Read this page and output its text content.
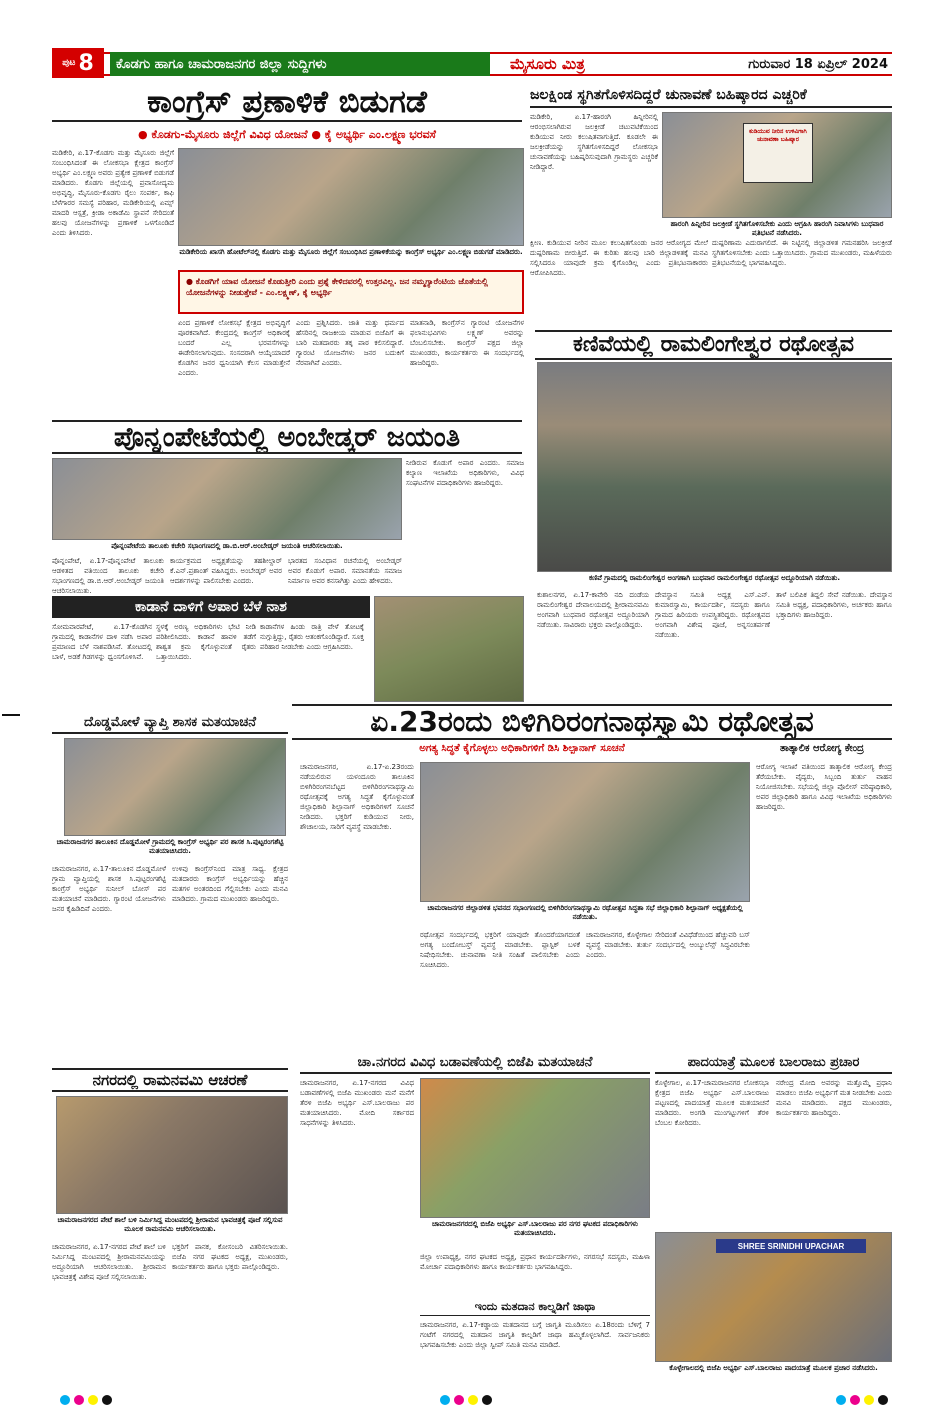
ಪುಟ 8	ಕೊಡಗು ಹಾಗೂ ಚಾಮರಾಜನಗರ ಜಿಲ್ಲಾ ಸುದ್ದಿಗಳು	ಮೈಸೂರು ಮಿತ್ರ	ಗುರುವಾರ 18 ಏಪ್ರಿಲ್ 2024
ಕಾಂಗ್ರೆಸ್ ಪ್ರಣಾಳಿಕೆ ಬಿಡುಗಡೆ
● ಕೊಡಗು-ಮೈಸೂರು ಜಿಲ್ಲೆಗೆ ವಿವಿಧ ಯೋಜನೆ ● ಕೈ ಅಭ್ಯರ್ಥಿ ಎಂ.ಲಕ್ಷ್ಮಣ ಭರವಸೆ
ಮಡಿಕೇರಿ, ಏ.17-ಕೊಡಗು ಮತ್ತು ಮೈಸೂರು ಜಿಲ್ಲೆಗೆ ಸಂಬಂಧಿಸಿದಂತೆ ಈ ಲೋಕಸಭಾ ಕ್ಷೇತ್ರದ ಕಾಂಗ್ರೆಸ್ ಅಭ್ಯರ್ಥಿ ಎಂ.ಲಕ್ಷ್ಮಣ ಅವರು ಪ್ರತ್ಯೇಕ ಪ್ರಣಾಳಿಕೆ ಬಿಡುಗಡೆ ಮಾಡಿದರು. ಕೊಡಗು ಜಿಲ್ಲೆಯಲ್ಲಿ ಪ್ರವಾಸೋದ್ಯಮ ಅಭಿವೃದ್ಧಿ, ಮೈಸೂರು-ಕೊಡಗು ರೈಲು ಸಂಪರ್ಕ, ಕಾಫಿ ಬೆಳೆಗಾರರ ಸಮಸ್ಯೆ ಪರಿಹಾರ, ಮಡಿಕೇರಿಯಲ್ಲಿ ಏಮ್ಸ್ ಮಾದರಿ ಆಸ್ಪತ್ರೆ, ಕ್ರೀಡಾ ಅಕಾಡೆಮಿ ಸ್ಥಾಪನೆ ಸೇರಿದಂತೆ ಹಲವು ಯೋಜನೆಗಳನ್ನು ಪ್ರಣಾಳಿಕೆ ಒಳಗೊಂಡಿದೆ ಎಂದು ತಿಳಿಸಿದರು.
ಮಡಿಕೇರಿಯ ಖಾಸಗಿ ಹೋಟೆಲ್‌ನಲ್ಲಿ ಕೊಡಗು ಮತ್ತು ಮೈಸೂರು ಜಿಲ್ಲೆಗೆ ಸಂಬಂಧಿಸಿದ ಪ್ರಣಾಳಿಕೆಯನ್ನು ಕಾಂಗ್ರೆಸ್ ಅಭ್ಯರ್ಥಿ ಎಂ.ಲಕ್ಷ್ಮಣ ಬಿಡುಗಡೆ ಮಾಡಿದರು.
● ಕೊಡಗಿಗೆ ಯಾವ ಯೋಜನೆ ಕೊಡುತ್ತೀರಿ ಎಂದು ಪ್ರಶ್ನೆ ಕೇಳಿದವರಲ್ಲಿ ಉತ್ತರವಿಲ್ಲ. ಜನ ನಮ್ಮಗ್ಯಾರೆಂಟಿಯ ಜೊತೆಯಲ್ಲಿ ಯೋಜನೆಗಳನ್ನು ನೀಡುತ್ತೇವೆ - ಎಂ.ಲಕ್ಷ್ಮಣ್, ಕೈ ಅಭ್ಯರ್ಥಿ
ಏಂದ ಪ್ರಣಾಳಿಕೆ ಲೋಕಸಭೆ ಕ್ಷೇತ್ರದ ಅಭಿವೃದ್ಧಿಗೆ ಪೂರಕವಾಗಿದೆ. ಕೇಂದ್ರದಲ್ಲಿ ಕಾಂಗ್ರೆಸ್ ಅಧಿಕಾರಕ್ಕೆ ಬಂದರೆ ಎಲ್ಲ ಭರವಸೆಗಳನ್ನು ಈಡೇರಿಸಲಾಗುವುದು. ಸಂಸದರಾಗಿ ಆಯ್ಕೆಯಾದರೆ ಕೊಡಗಿನ ಜನರ ಧ್ವನಿಯಾಗಿ ಕೆಲಸ ಮಾಡುತ್ತೇನೆ ಎಂದರು.
ಎಂದು ಪ್ರಶ್ನಿಸಿದರು. ಜಾತಿ ಮತ್ತು ಧರ್ಮದ ಹೆಸರಿನಲ್ಲಿ ರಾಜಕೀಯ ಮಾಡುವ ಬಿಜೆಪಿಗೆ ಈ ಬಾರಿ ಮತದಾರರು ತಕ್ಕ ಪಾಠ ಕಲಿಸಲಿದ್ದಾರೆ. ಗ್ಯಾರಂಟಿ ಯೋಜನೆಗಳು ಜನರ ಬದುಕಿಗೆ ನೆರವಾಗಿವೆ ಎಂದರು.
ಮಾತನಾಡಿ, ಕಾಂಗ್ರೆಸ್‌ನ ಗ್ಯಾರಂಟಿ ಯೋಜನೆಗಳ ಫಲಾನುಭವಿಗಳು ಲಕ್ಷ್ಮಣ್ ಅವರನ್ನು ಬೆಂಬಲಿಸಬೇಕು. ಕಾಂಗ್ರೆಸ್ ಪಕ್ಷದ ಜಿಲ್ಲಾ ಮುಖಂಡರು, ಕಾರ್ಯಕರ್ತರು ಈ ಸಂದರ್ಭದಲ್ಲಿ ಹಾಜರಿದ್ದರು.
ಜಲಕ್ಷಿಂಡ ಸ್ಥಗಿತಗೊಳಿಸದಿದ್ದರೆ ಚುನಾವಣೆ ಬಹಿಷ್ಕಾರದ ಎಚ್ಚರಿಕೆ
ಮಡಿಕೇರಿ, ಏ.17-ಹಾರಂಗಿ ಹಿನ್ನೀರಿನಲ್ಲಿ ಆರಂಭಿಸಲಾಗಿರುವ ಜಲಕ್ರೀಡೆ ಚಟುವಟಿಕೆಯಿಂದ ಕುಡಿಯುವ ನೀರು ಕಲುಷಿತವಾಗುತ್ತಿದೆ. ಕೂಡಲೇ ಈ ಜಲಕ್ರೀಡೆಯನ್ನು ಸ್ಥಗಿತಗೊಳಿಸದಿದ್ದರೆ ಲೋಕಸಭಾ ಚುನಾವಣೆಯನ್ನು ಬಹಿಷ್ಕರಿಸುವುದಾಗಿ ಗ್ರಾಮಸ್ಥರು ಎಚ್ಚರಿಕೆ ನೀಡಿದ್ದಾರೆ.
ಕುಡಿಯುವ ನೀರಿನ ಉಳಿವಿಗಾಗಿ ಚುನಾವಣಾ ಬಹಿಷ್ಕಾರ
ಹಾರಂಗಿ ಹಿನ್ನೀರಿನ ಜಲಕ್ರೀಡೆ ಸ್ಥಗಿತಗೊಳಿಸಬೇಕು ಎಂದು ಆಗ್ರಹಿಸಿ ಹಾರಂಗಿ ನಿವಾಸಿಗಳು ಬುಧವಾರ ಪ್ರತಿಭಟನೆ ನಡೆಸಿದರು.
ಕ್ಷೀಣ. ಕುಡಿಯುವ ನೀರಿನ ಮೂಲ ಕಲುಷಿತಗೊಂಡು ಜನರ ಆರೋಗ್ಯದ ಮೇಲೆ ದುಷ್ಪರಿಣಾಮ ಬೀರುತ್ತಿದೆ. ಈ ಕುರಿತು ಹಲವು ಬಾರಿ ಜಿಲ್ಲಾಡಳಿತಕ್ಕೆ ಮನವಿ ಸಲ್ಲಿಸಿದರೂ ಯಾವುದೇ ಕ್ರಮ ಕೈಗೊಂಡಿಲ್ಲ ಎಂದು ಪ್ರತಿಭಟನಾಕಾರರು ಆರೋಪಿಸಿದರು.
ದುಷ್ಪರಿಣಾಮ ಎದುರಾಗಲಿದೆ. ಈ ನಿಟ್ಟಿನಲ್ಲಿ ಜಿಲ್ಲಾಡಳಿತ ಗಮನಹರಿಸಿ ಜಲಕ್ರೀಡೆ ಸ್ಥಗಿತಗೊಳಿಸಬೇಕು ಎಂದು ಒತ್ತಾಯಿಸಿದರು. ಗ್ರಾಮದ ಮುಖಂಡರು, ಮಹಿಳೆಯರು ಪ್ರತಿಭಟನೆಯಲ್ಲಿ ಭಾಗವಹಿಸಿದ್ದರು.
ಕಣಿವೆಯಲ್ಲಿ ರಾಮಲಿಂಗೇಶ್ವರ ರಥೋತ್ಸವ
ಕಣಿವೆ ಗ್ರಾಮದಲ್ಲಿ ರಾಮಲಿಂಗೇಶ್ವರ ಅಂಗಣಾಗಿ ಬುಧವಾರ ರಾಮಲಿಂಗೇಶ್ವರ ರಥೋತ್ಸವ ಅದ್ದೂರಿಯಾಗಿ ನಡೆಯಿತು.
ಕುಶಾಲನಗರ, ಏ.17-ಕಾವೇರಿ ನದಿ ದಂಡೆಯ ರಾಮಲಿಂಗೇಶ್ವರ ದೇವಾಲಯದಲ್ಲಿ ಶ್ರೀರಾಮನವಮಿ ಅಂಗವಾಗಿ ಬುಧವಾರ ರಥೋತ್ಸವ ಅದ್ದೂರಿಯಾಗಿ ನಡೆಯಿತು. ಸಾವಿರಾರು ಭಕ್ತರು ಪಾಲ್ಗೊಂಡಿದ್ದರು.
ದೇವಸ್ಥಾನ ಸಮಿತಿ ಅಧ್ಯಕ್ಷ ಎಸ್.ಎನ್. ಕುಮಾರಸ್ವಾಮಿ, ಕಾರ್ಯದರ್ಶಿ, ಸದಸ್ಯರು ಹಾಗೂ ಗ್ರಾಮದ ಹಿರಿಯರು ಉಪಸ್ಥಿತರಿದ್ದರು. ರಥೋತ್ಸವದ ಅಂಗವಾಗಿ ವಿಶೇಷ ಪೂಜೆ, ಅನ್ನಸಂತರ್ಪಣೆ ನಡೆಯಿತು.
ತಾಳೆ ಬಲಿಪಿಕ ತಿದ್ದಲಿ ಸೇವೆ ನಡೆಯಿತು. ದೇವಸ್ಥಾನ ಸಮಿತಿ ಅಧ್ಯಕ್ಷ, ಪದಾಧಿಕಾರಿಗಳು, ಅರ್ಚಕರು ಹಾಗೂ ಭಕ್ತಾದಿಗಳು ಹಾಜರಿದ್ದರು.
ಪೊನ್ನಂಪೇಟೆಯಲ್ಲಿ ಅಂಬೇಡ್ಕರ್ ಜಯಂತಿ
ಪೊನ್ನಂಪೇಟೆಯ ತಾಲೂಕು ಕಚೇರಿ ಸಭಾಂಗಣದಲ್ಲಿ ಡಾ.ಬಿ.ಆರ್.ಅಂಬೇಡ್ಕರ್ ಜಯಂತಿ ಆಚರಿಸಲಾಯಿತು.
ಪೊನ್ನಂಪೇಟೆ, ಏ.17-ಪೊನ್ನಂಪೇಟೆ ತಾಲೂಕು ಆಡಳಿತದ ವತಿಯಿಂದ ತಾಲೂಕು ಕಚೇರಿ ಸಭಾಂಗಣದಲ್ಲಿ ಡಾ.ಬಿ.ಆರ್.ಅಂಬೇಡ್ಕರ್ ಜಯಂತಿ ಆಚರಿಸಲಾಯಿತು.
ಕಾರ್ಯಕ್ರಮದ ಅಧ್ಯಕ್ಷತೆಯನ್ನು ತಹಶೀಲ್ದಾರ್ ಕೆ.ಎನ್.ಪ್ರಶಾಂತ್ ವಹಿಸಿದ್ದರು. ಅಂಬೇಡ್ಕರ್ ಅವರ ಆದರ್ಶಗಳನ್ನು ಪಾಲಿಸಬೇಕು ಎಂದರು.
ಭಾರತದ ಸಂವಿಧಾನ ರಚನೆಯಲ್ಲಿ ಅಂಬೇಡ್ಕರ್ ಅವರ ಕೊಡುಗೆ ಅಪಾರ. ಸಮಾನತೆಯ ಸಮಾಜ ನಿರ್ಮಾಣ ಅವರ ಕನಸಾಗಿತ್ತು ಎಂದು ಹೇಳಿದರು.
ನೀಡಿರುವ ಕೊಡುಗೆ ಅಪಾರ ಎಂದರು. ಸಮಾಜ ಕಲ್ಯಾಣ ಇಲಾಖೆಯ ಅಧಿಕಾರಿಗಳು, ವಿವಿಧ ಸಂಘಟನೆಗಳ ಪದಾಧಿಕಾರಿಗಳು ಹಾಜರಿದ್ದರು.
ಕಾಡಾನೆ ದಾಳಿಗೆ ಅಪಾರ ಬೆಳೆ ನಾಶ
ಸೋಮವಾರಪೇಟೆ, ಏ.17-ಕೊಡಗಿನ ಗ್ರಾಮದಲ್ಲಿ ಕಾಡಾನೆಗಳ ದಾಳಿ ನಡೆಸಿ ಅಪಾರ ಪ್ರಮಾಣದ ಬೆಳೆ ನಾಶಪಡಿಸಿವೆ. ತೋಟದಲ್ಲಿ ಬಾಳೆ, ಅಡಕೆ ಗಿಡಗಳನ್ನು ಧ್ವಂಸಗೊಳಿಸಿವೆ.
ಸ್ಥಳಕ್ಕೆ ಅರಣ್ಯ ಅಧಿಕಾರಿಗಳು ಭೇಟಿ ನೀಡಿ ಪರಿಶೀಲಿಸಿದರು. ಕಾಡಾನೆ ಹಾವಳಿ ತಡೆಗೆ ಶಾಶ್ವತ ಕ್ರಮ ಕೈಗೊಳ್ಳುವಂತೆ ರೈತರು ಒತ್ತಾಯಿಸಿದರು.
ಕಾಡಾನೆಗಳ ಹಿಂಡು ರಾತ್ರಿ ವೇಳೆ ತೋಟಕ್ಕೆ ನುಗ್ಗುತ್ತಿದ್ದು, ರೈತರು ಆತಂಕಗೊಂಡಿದ್ದಾರೆ. ಸೂಕ್ತ ಪರಿಹಾರ ನೀಡಬೇಕು ಎಂದು ಆಗ್ರಹಿಸಿದರು.
ದೊಡ್ಡಮೋಳೆ ವ್ಯಾಪ್ತಿ ಶಾಸಕ ಮತಯಾಚನೆ
ಚಾಮರಾಜನಗರ ತಾಲೂಕಿನ ದೊಡ್ಡಮೋಳೆ ಗ್ರಾಮದಲ್ಲಿ ಕಾಂಗ್ರೆಸ್ ಅಭ್ಯರ್ಥಿ ಪರ ಶಾಸಕ ಸಿ.ಪುಟ್ಟರಂಗಶೆಟ್ಟಿ ಮತಯಾಚಿಸಿದರು.
ಚಾಮರಾಜನಗರ, ಏ.17-ತಾಲೂಕಿನ ದೊಡ್ಡಮೋಳೆ ಗ್ರಾಮ ವ್ಯಾಪ್ತಿಯಲ್ಲಿ ಶಾಸಕ ಸಿ.ಪುಟ್ಟರಂಗಶೆಟ್ಟಿ ಕಾಂಗ್ರೆಸ್ ಅಭ್ಯರ್ಥಿ ಸುನೀಲ್ ಬೋಸ್ ಪರ ಮತಯಾಚನೆ ಮಾಡಿದರು. ಗ್ಯಾರಂಟಿ ಯೋಜನೆಗಳು ಜನರ ಕೈಹಿಡಿದಿವೆ ಎಂದರು.
ಉಳಿವು ಕಾಂಗ್ರೆಸ್‌ನಿಂದ ಮಾತ್ರ ಸಾಧ್ಯ. ಕ್ಷೇತ್ರದ ಮತದಾರರು ಕಾಂಗ್ರೆಸ್ ಅಭ್ಯರ್ಥಿಯನ್ನು ಹೆಚ್ಚಿನ ಮತಗಳ ಅಂತರದಿಂದ ಗೆಲ್ಲಿಸಬೇಕು ಎಂದು ಮನವಿ ಮಾಡಿದರು. ಗ್ರಾಮದ ಮುಖಂಡರು ಹಾಜರಿದ್ದರು.
ಏ.23ರಂದು ಬಿಳಿಗಿರಿರಂಗನಾಥಸ್ವಾಮಿ ರಥೋತ್ಸವ
ಅಗತ್ಯ ಸಿದ್ಧತೆ ಕೈಗೊಳ್ಳಲು ಅಧಿಕಾರಿಗಳಿಗೆ ಡಿಸಿ ಶಿಲ್ಪಾನಾಗ್ ಸೂಚನೆ	ತಾತ್ಕಾಲಿಕ ಆರೋಗ್ಯ ಕೇಂದ್ರ
ಚಾಮರಾಜನಗರ, ಏ.17-ಏ.23ರಂದು ನಡೆಯಲಿರುವ ಯಳಂದೂರು ತಾಲೂಕಿನ ಬಿಳಿಗಿರಿರಂಗನಬೆಟ್ಟದ ಬಿಳಿಗಿರಿರಂಗನಾಥಸ್ವಾಮಿ ರಥೋತ್ಸವಕ್ಕೆ ಅಗತ್ಯ ಸಿದ್ಧತೆ ಕೈಗೊಳ್ಳುವಂತೆ ಜಿಲ್ಲಾಧಿಕಾರಿ ಶಿಲ್ಪಾನಾಗ್ ಅಧಿಕಾರಿಗಳಿಗೆ ಸೂಚನೆ ನೀಡಿದರು. ಭಕ್ತರಿಗೆ ಕುಡಿಯುವ ನೀರು, ಶೌಚಾಲಯ, ಸಾರಿಗೆ ವ್ಯವಸ್ಥೆ ಮಾಡಬೇಕು.
ಚಾಮರಾಜನಗರ ಜಿಲ್ಲಾಡಳಿತ ಭವನದ ಸಭಾಂಗಣದಲ್ಲಿ ಬಿಳಿಗಿರಿರಂಗನಾಥಸ್ವಾಮಿ ರಥೋತ್ಸವ ಸಿದ್ಧತಾ ಸಭೆ ಜಿಲ್ಲಾಧಿಕಾರಿ ಶಿಲ್ಪಾನಾಗ್ ಅಧ್ಯಕ್ಷತೆಯಲ್ಲಿ ನಡೆಯಿತು.
ರಥೋತ್ಸವ ಸಂದರ್ಭದಲ್ಲಿ ಭಕ್ತರಿಗೆ ಯಾವುದೇ ತೊಂದರೆಯಾಗದಂತೆ ಅಗತ್ಯ ಬಂದೋಬಸ್ತ್ ವ್ಯವಸ್ಥೆ ಮಾಡಬೇಕು. ಪ್ಲಾಸ್ಟಿಕ್ ಬಳಕೆ ನಿಷೇಧಿಸಬೇಕು. ಚುನಾವಣಾ ನೀತಿ ಸಂಹಿತೆ ಪಾಲಿಸಬೇಕು ಎಂದು ಸೂಚಿಸಿದರು.
ಚಾಮರಾಜನಗರ, ಕೊಳ್ಳೇಗಾಲ ಸೇರಿದಂತೆ ವಿವಿಧೆಡೆಯಿಂದ ಹೆಚ್ಚುವರಿ ಬಸ್ ವ್ಯವಸ್ಥೆ ಮಾಡಬೇಕು. ತುರ್ತು ಸಂದರ್ಭದಲ್ಲಿ ಆಂಬ್ಯುಲೆನ್ಸ್ ಸಿದ್ಧವಿರಬೇಕು ಎಂದರು.
ಆರೋಗ್ಯ ಇಲಾಖೆ ವತಿಯಿಂದ ತಾತ್ಕಾಲಿಕ ಆರೋಗ್ಯ ಕೇಂದ್ರ ತೆರೆಯಬೇಕು. ವೈದ್ಯರು, ಸಿಬ್ಬಂದಿ ತುರ್ತು ವಾಹನ ನಿಯೋಜಿಸಬೇಕು. ಸಭೆಯಲ್ಲಿ ಜಿಲ್ಲಾ ಪೊಲೀಸ್ ವರಿಷ್ಠಾಧಿಕಾರಿ, ಅಪರ ಜಿಲ್ಲಾಧಿಕಾರಿ ಹಾಗೂ ವಿವಿಧ ಇಲಾಖೆಯ ಅಧಿಕಾರಿಗಳು ಹಾಜರಿದ್ದರು.
ನಗರದಲ್ಲಿ ರಾಮನವಮಿ ಆಚರಣೆ
ಚಾಮರಾಜನಗರದ ಪೇಟೆ ಶಾಲೆ ಬಳಿ ನಿರ್ಮಿಸಿದ್ದ ಮಂಟಪದಲ್ಲಿ ಶ್ರೀರಾಮನ ಭಾವಚಿತ್ರಕ್ಕೆ ಪೂಜೆ ಸಲ್ಲಿಸುವ ಮೂಲಕ ರಾಮನವಮಿ ಆಚರಿಸಲಾಯಿತು.
ಚಾಮರಾಜನಗರ, ಏ.17-ನಗರದ ಪೇಟೆ ಶಾಲೆ ಬಳಿ ನಿರ್ಮಿಸಿದ್ದ ಮಂಟಪದಲ್ಲಿ ಶ್ರೀರಾಮನವಮಿಯನ್ನು ಅದ್ದೂರಿಯಾಗಿ ಆಚರಿಸಲಾಯಿತು. ಶ್ರೀರಾಮನ ಭಾವಚಿತ್ರಕ್ಕೆ ವಿಶೇಷ ಪೂಜೆ ಸಲ್ಲಿಸಲಾಯಿತು.
ಭಕ್ತರಿಗೆ ಪಾನಕ, ಕೋಸಂಬರಿ ವಿತರಿಸಲಾಯಿತು. ಬಿಜೆಪಿ ನಗರ ಘಟಕದ ಅಧ್ಯಕ್ಷ, ಮುಖಂಡರು, ಕಾರ್ಯಕರ್ತರು ಹಾಗೂ ಭಕ್ತರು ಪಾಲ್ಗೊಂಡಿದ್ದರು.
ಚಾ.ನಗರದ ವಿವಿಧ ಬಡಾವಣೆಯಲ್ಲಿ ಬಿಜೆಪಿ ಮತಯಾಚನೆ
ಚಾಮರಾಜನಗರ, ಏ.17-ನಗರದ ವಿವಿಧ ಬಡಾವಣೆಗಳಲ್ಲಿ ಬಿಜೆಪಿ ಮುಖಂಡರು ಮನೆ ಮನೆಗೆ ತೆರಳಿ ಬಿಜೆಪಿ ಅಭ್ಯರ್ಥಿ ಎಸ್.ಬಾಲರಾಜು ಪರ ಮತಯಾಚಿಸಿದರು. ಮೋದಿ ಸರ್ಕಾರದ ಸಾಧನೆಗಳನ್ನು ತಿಳಿಸಿದರು.
ಚಾಮರಾಜನಗರದಲ್ಲಿ ಬಿಜೆಪಿ ಅಭ್ಯರ್ಥಿ ಎಸ್.ಬಾಲರಾಜು ಪರ ನಗರ ಘಟಕದ ಪದಾಧಿಕಾರಿಗಳು ಮತಯಾಚಿಸಿದರು.
ಜಿಲ್ಲಾ ಉಪಾಧ್ಯಕ್ಷ, ನಗರ ಘಟಕದ ಅಧ್ಯಕ್ಷ, ಪ್ರಧಾನ ಕಾರ್ಯದರ್ಶಿಗಳು, ನಗರಸಭೆ ಸದಸ್ಯರು, ಮಹಿಳಾ ಮೋರ್ಚಾ ಪದಾಧಿಕಾರಿಗಳು ಹಾಗೂ ಕಾರ್ಯಕರ್ತರು ಭಾಗವಹಿಸಿದ್ದರು.
ಪಾದಯಾತ್ರೆ ಮೂಲಕ ಬಾಲರಾಜು ಪ್ರಚಾರ
ಕೊಳ್ಳೇಗಾಲ, ಏ.17-ಚಾಮರಾಜನಗರ ಲೋಕಸಭಾ ಕ್ಷೇತ್ರದ ಬಿಜೆಪಿ ಅಭ್ಯರ್ಥಿ ಎಸ್.ಬಾಲರಾಜು ಪಟ್ಟಣದಲ್ಲಿ ಪಾದಯಾತ್ರೆ ಮೂಲಕ ಮತಯಾಚನೆ ಮಾಡಿದರು. ಅಂಗಡಿ ಮುಂಗಟ್ಟುಗಳಿಗೆ ತೆರಳಿ ಬೆಂಬಲ ಕೋರಿದರು.
ನರೇಂದ್ರ ಮೋದಿ ಅವರನ್ನು ಮತ್ತೊಮ್ಮೆ ಪ್ರಧಾನಿ ಮಾಡಲು ಬಿಜೆಪಿ ಅಭ್ಯರ್ಥಿಗೆ ಮತ ನೀಡಬೇಕು ಎಂದು ಮನವಿ ಮಾಡಿದರು. ಪಕ್ಷದ ಮುಖಂಡರು, ಕಾರ್ಯಕರ್ತರು ಹಾಜರಿದ್ದರು.
SHREE SRINIDHI UPACHAR
ಕೊಳ್ಳೇಗಾಲದಲ್ಲಿ ಬಿಜೆಪಿ ಅಭ್ಯರ್ಥಿ ಎಸ್.ಬಾಲರಾಜು ಪಾದಯಾತ್ರೆ ಮೂಲಕ ಪ್ರಚಾರ ನಡೆಸಿದರು.
ಇಂದು ಮತದಾನ ಕಾಲ್ನಡಿಗೆ ಜಾಥಾ
ಚಾಮರಾಜನಗರ, ಏ.17-ಕಡ್ಡಾಯ ಮತದಾನದ ಬಗ್ಗೆ ಜಾಗೃತಿ ಮೂಡಿಸಲು ಏ.18ರಂದು ಬೆಳಿಗ್ಗೆ 7 ಗಂಟೆಗೆ ನಗರದಲ್ಲಿ ಮತದಾನ ಜಾಗೃತಿ ಕಾಲ್ನಡಿಗೆ ಜಾಥಾ ಹಮ್ಮಿಕೊಳ್ಳಲಾಗಿದೆ. ಸಾರ್ವಜನಿಕರು ಭಾಗವಹಿಸಬೇಕು ಎಂದು ಜಿಲ್ಲಾ ಸ್ವೀಪ್ ಸಮಿತಿ ಮನವಿ ಮಾಡಿದೆ.
